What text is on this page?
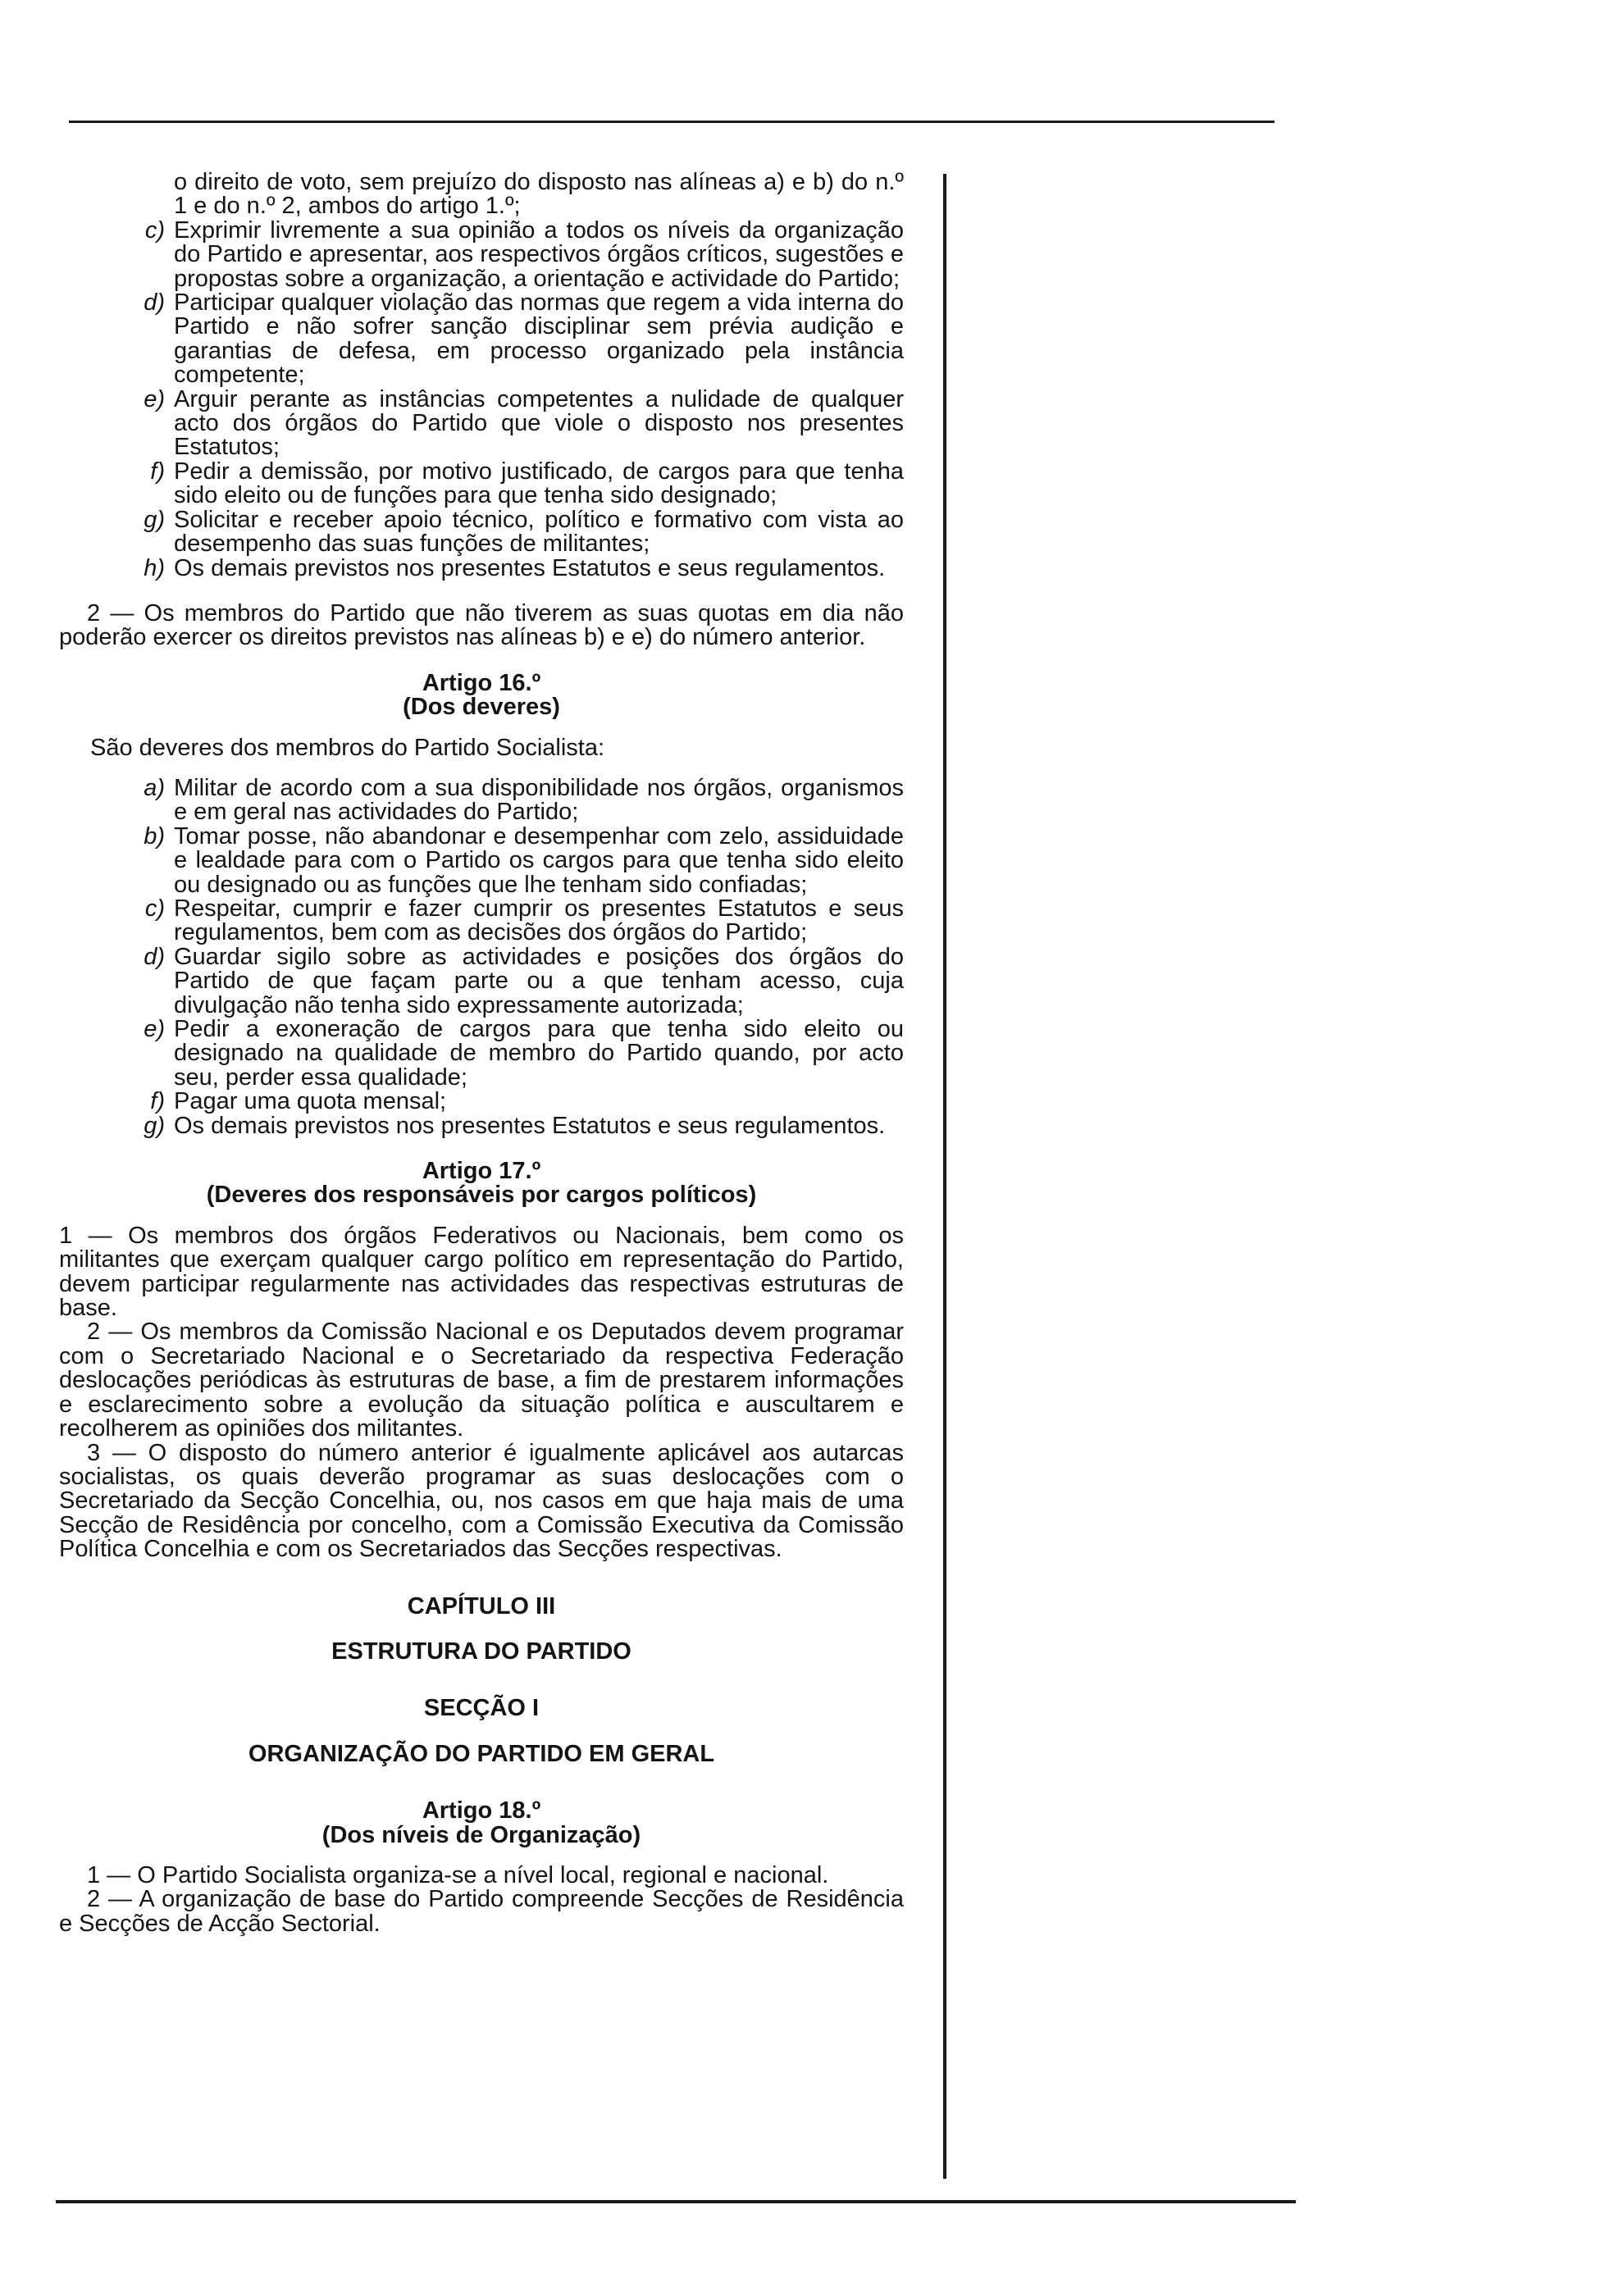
o direito de voto, sem prejuízo do disposto nas alíneas a) e b) do n.º 1 e do n.º 2, ambos do artigo 1.º;

c) Exprimir livremente a sua opinião a todos os níveis da organização do Partido e apresentar, aos respectivos órgãos críticos, sugestões e propostas sobre a organização, a orientação e actividade do Partido;
d) Participar qualquer violação das normas que regem a vida interna do Partido e não sofrer sanção disciplinar sem prévia audição e garantias de defesa, em processo organizado pela instância competente;
e) Arguir perante as instâncias competentes a nulidade de qualquer acto dos órgãos do Partido que viole o disposto nos presentes Estatutos;
f) Pedir a demissão, por motivo justificado, de cargos para que tenha sido eleito ou de funções para que tenha sido designado;
g) Solicitar e receber apoio técnico, político e formativo com vista ao desempenho das suas funções de militantes;
h) Os demais previstos nos presentes Estatutos e seus regulamentos.

2 — Os membros do Partido que não tiverem as suas quotas em dia não poderão exercer os direitos previstos nas alíneas b) e e) do número anterior.

Artigo 16.º

(Dos deveres)

São deveres dos membros do Partido Socialista:

a) Militar de acordo com a sua disponibilidade nos órgãos, organismos e em geral nas actividades do Partido;
b) Tomar posse, não abandonar e desempenhar com zelo, assiduidade e lealdade para com o Partido os cargos para que tenha sido eleito ou designado ou as funções que lhe tenham sido confiadas;
c) Respeitar, cumprir e fazer cumprir os presentes Estatutos e seus regulamentos, bem com as decisões dos órgãos do Partido;
d) Guardar sigilo sobre as actividades e posições dos órgãos do Partido de que façam parte ou a que tenham acesso, cuja divulgação não tenha sido expressamente autorizada;
e) Pedir a exoneração de cargos para que tenha sido eleito ou designado na qualidade de membro do Partido quando, por acto seu, perder essa qualidade;
f) Pagar uma quota mensal;
g) Os demais previstos nos presentes Estatutos e seus regulamentos.

Artigo 17.º

(Deveres dos responsáveis por cargos políticos)

1 — Os membros dos órgãos Federativos ou Nacionais, bem como os militantes que exerçam qualquer cargo político em representação do Partido, devem participar regularmente nas actividades das respectivas estruturas de base.

2 — Os membros da Comissão Nacional e os Deputados devem programar com o Secretariado Nacional e o Secretariado da respectiva Federação deslocações periódicas às estruturas de base, a fim de prestarem informações e esclarecimento sobre a evolução da situação política e auscultarem e recolherem as opiniões dos militantes.

3 — O disposto do número anterior é igualmente aplicável aos autarcas socialistas, os quais deverão programar as suas deslocações com o Secretariado da Secção Concelhia, ou, nos casos em que haja mais de uma Secção de Residência por concelho, com a Comissão Executiva da Comissão Política Concelhia e com os Secretariados das Secções respectivas.

CAPÍTULO III

ESTRUTURA DO PARTIDO

SECÇÃO I

ORGANIZAÇÃO DO PARTIDO EM GERAL

Artigo 18.º

(Dos níveis de Organização)

1 — O Partido Socialista organiza-se a nível local, regional e nacional.

2 — A organização de base do Partido compreende Secções de Residência e Secções de Acção Sectorial.
